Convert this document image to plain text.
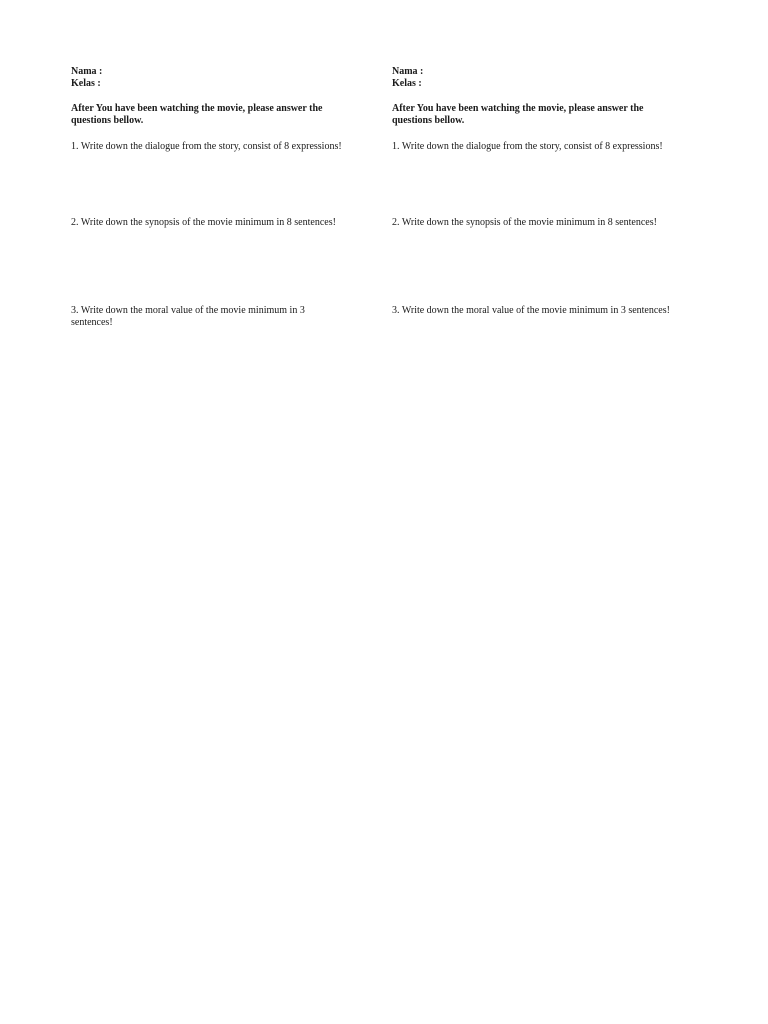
Nama :
Kelas :
After You have been watching the movie, please answer the questions bellow.
1. Write down the dialogue from the story, consist of 8 expressions!
2. Write down the synopsis of the movie minimum in 8 sentences!
3. Write down the moral value of the movie minimum in 3 sentences!
Nama :
Kelas :
After You have been watching the movie, please answer the questions bellow.
1. Write down the dialogue from the story, consist of 8 expressions!
2. Write down the synopsis of the movie minimum in 8 sentences!
3. Write down the moral value of the movie minimum in 3 sentences!
